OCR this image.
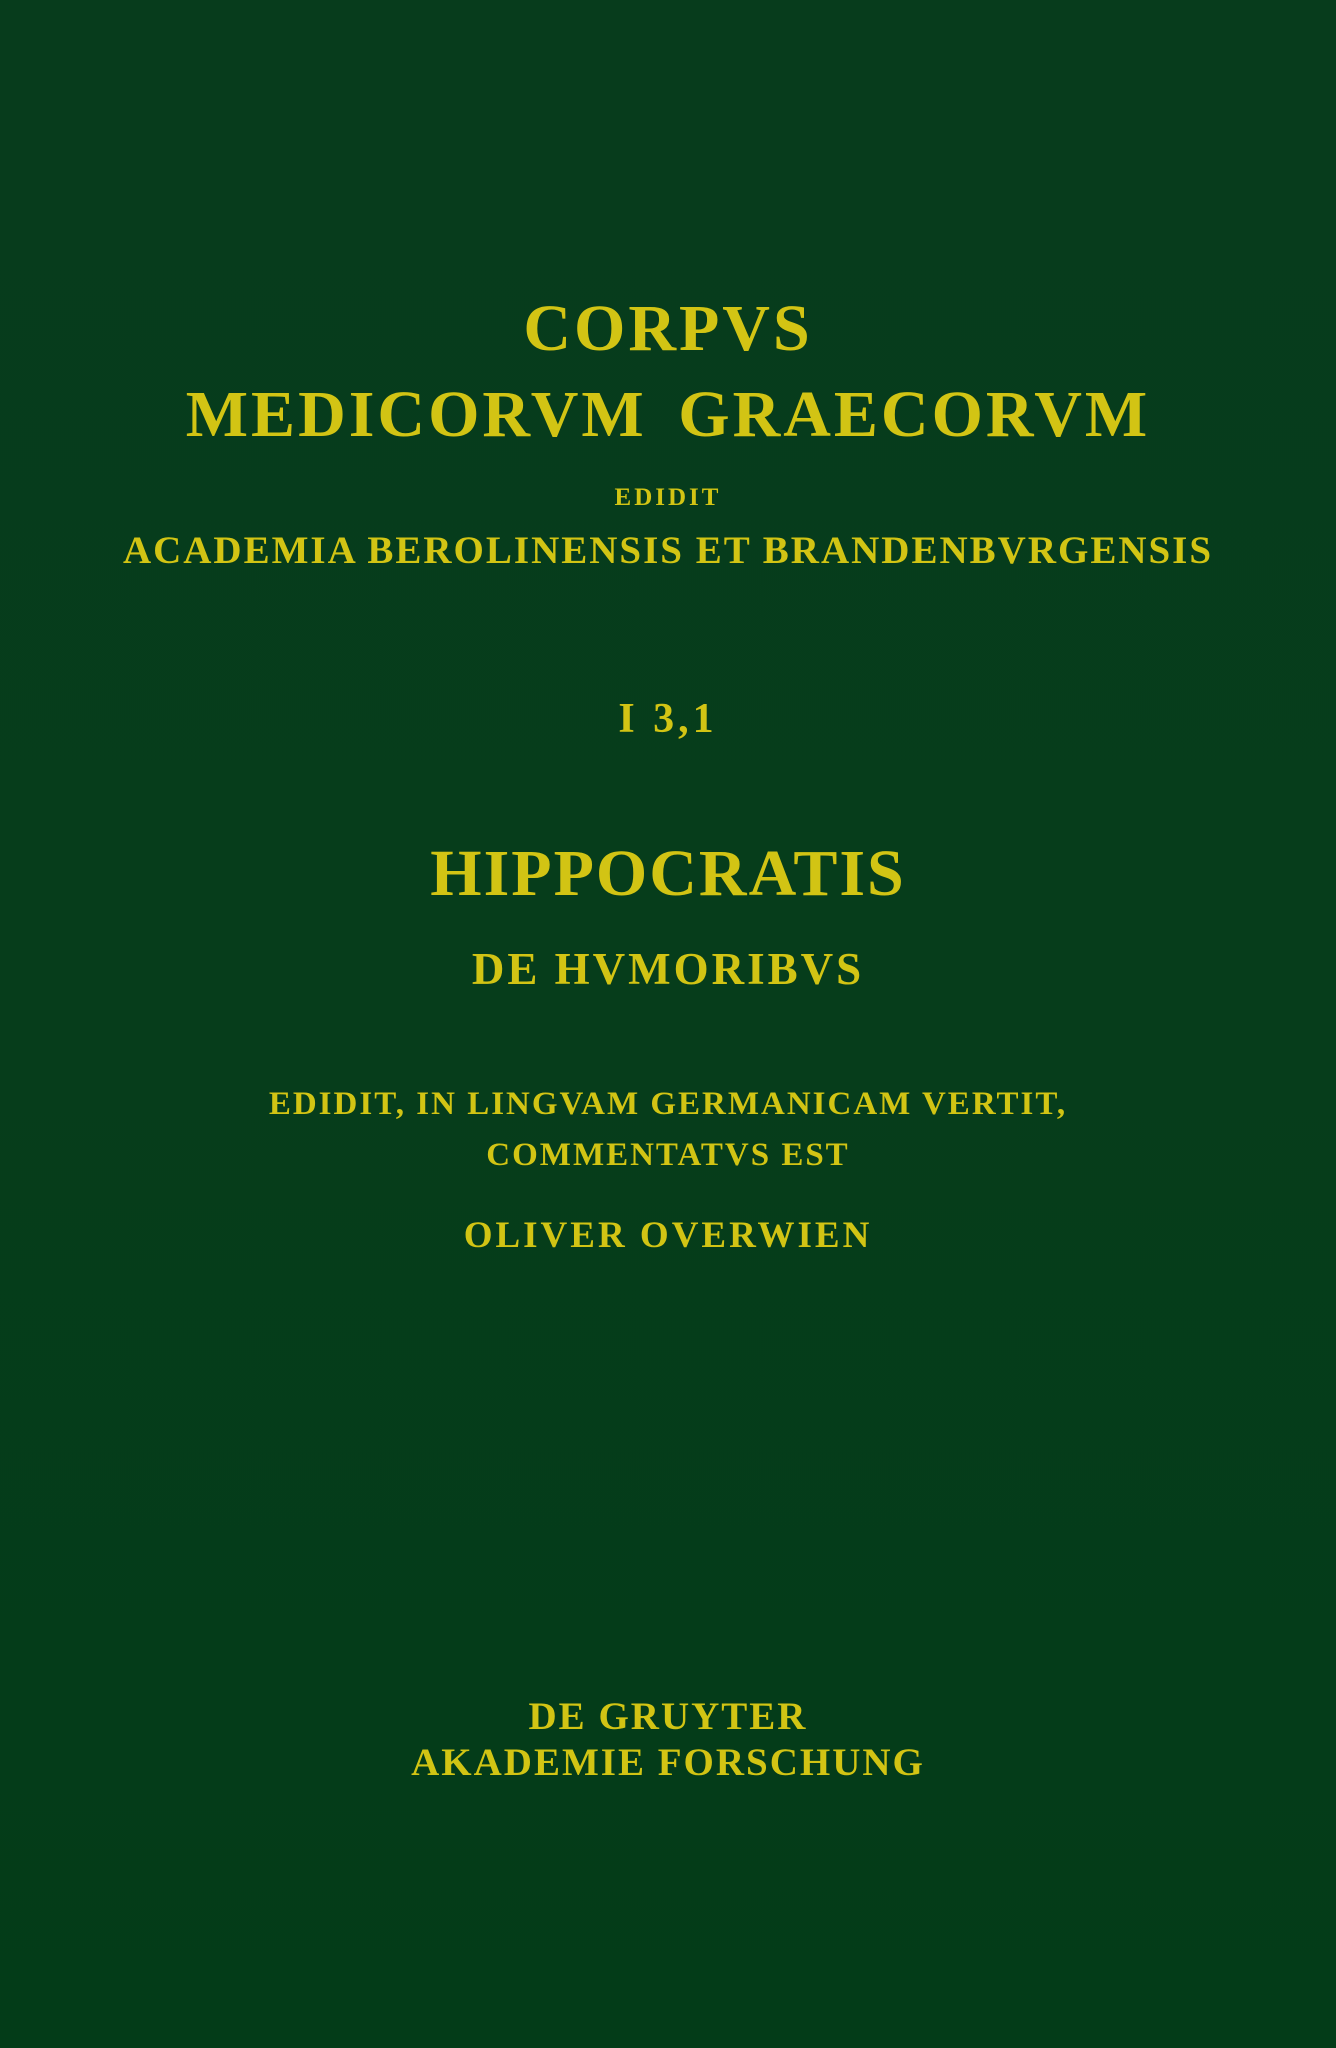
CORPVS
MEDICORVM GRAECORVM
EDIDIT
ACADEMIA BEROLINENSIS ET BRANDENBVRGENSIS
I 3,1
HIPPOCRATIS
DE HVMORIBVS
EDIDIT, IN LINGVAM GERMANICAM VERTIT,
COMMENTATVS EST
OLIVER OVERWIEN
DE GRUYTER
AKADEMIE FORSCHUNG
